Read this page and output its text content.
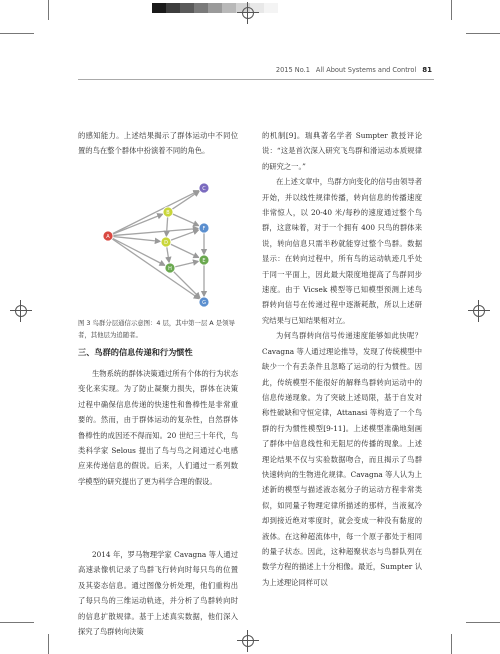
2015 No.1 All About Systems and Control 81

的感知能力。上述结果揭示了群体运动中不同位置的鸟在整个群体中扮演着不同的角色。

A
B
C
D
E
F
G
H
图 3 鸟群分层通信示意图：4 层，其中第一层 A 是领导者，其他层为追随者。
三、鸟群的信息传递和行为惯性

生物系统的群体决策通过所有个体的行为状态变化来实现。为了防止凝聚力损失，群体在决策过程中确保信息传递的快速性和鲁棒性是非常重要的。然而，由于群体运动的复杂性，自然群体鲁棒性的成因还不得而知。20 世纪三十年代，鸟类科学家 Selous 提出了鸟与鸟之间通过心电感应来传递信息的假说。后来，人们通过一系列数学模型的研究提出了更为科学合理的假设。

2014 年，罗马物理学家 Cavagna 等人通过高速录像机记录了鸟群飞行转向时每只鸟的位置及其姿态信息。通过图像分析处理，他们重构出了每只鸟的三维运动轨迹，并分析了鸟群转向时的信息扩散规律。基于上述真实数据，他们深入探究了鸟群转向決策

的机制[9]。瑞典著名学者 Sumpter 教授评论说：“这是首次深入研究飞鸟群和滑运动本质规律的研究之一。”

在上述文章中，鸟群方向变化的信号由领导者开始，并以线性规律传播，转向信息的传播速度非常惊人，以 20-40 米/每秒的速度通过整个鸟群，这意味着，对于一个拥有 400 只鸟的群体来说，转向信息只需半秒就能穿过整个鸟群。数据显示：在转向过程中，所有鸟的运动轨迹几乎处于同一平面上，因此最大限度地提高了鸟群同步速度。由于 Vicsek 模型等已知模型预测上述鸟群转向信号在传递过程中逐渐耗散，所以上述研究结果与已知结果相对立。

为何鸟群转向信号传递速度能够如此快呢？Cavagna 等人通过理论推导，发现了传统模型中缺少一个有丢条件且忽略了运动的行为惯性。因此，传统模型不能很好的解释鸟群转向运动中的信息传递现象。为了突破上述局限，基于自发对称性破缺和守恒定律，Attanasi 等构造了一个鸟群的行为惯性模型[9-11]。上述模型准确地刻画了群体中信息线性和无阻尼的传播的现象。上述理论结果不仅与实验数据吻合，而且揭示了鸟群快速转向的生物进化规律。Cavagna 等人认为上述新的模型与描述液态氦分子的运动方程非常类似，如同量子物理定律所描述的那样，当液氦冷却到接近绝对零度时，就会变成一种没有黏度的液体。在这种超流体中，每一个原子都处于相同的量子状态。因此，这种超聚状态与鸟群队列在数学方程的描述上十分相像。最近，Sumpter 认为上述理论同样可以
